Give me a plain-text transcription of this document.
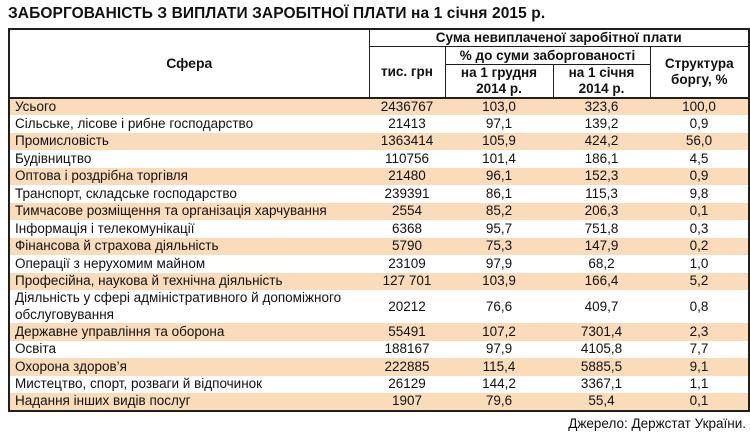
ЗАБОРГОВАНІСТЬ З ВИПЛАТИ ЗАРОБІТНОЇ ПЛАТИ на 1 січня 2015 р.
Сфера	Сума невиплаченої заробітної плати			
	тис. грн	% до суми заборгованості		Структура боргу, %
		на 1 грудня 2014 р.	на 1 січня 2014 р.	
Усього	2436767	103,0	323,6	100,0
Сільське, лісове і рибне господарство	21413	97,1	139,2	0,9
Промисловість	1363414	105,9	424,2	56,0
Будівництво	110756	101,4	186,1	4,5
Оптова і роздрібна торгівля	21480	96,1	152,3	0,9
Транспорт, складське господарство	239391	86,1	115,3	9,8
Тимчасове розміщення та організація харчування	2554	85,2	206,3	0,1
Інформація і телекомунікації	6368	95,7	751,8	0,3
Фінансова й страхова діяльність	5790	75,3	147,9	0,2
Операції з нерухомим майном	23109	97,9	68,2	1,0
Професійна, наукова й технічна діяльність	127 701	103,9	166,4	5,2
Діяльність у сфері адміністративного й допоміжного обслуговування	20212	76,6	409,7	0,8
Державне управління та оборона	55491	107,2	7301,4	2,3
Освіта	188167	97,9	4105,8	7,7
Охорона здоров’я	222885	115,4	5885,5	9,1
Мистецтво, спорт, розваги й відпочинок	26129	144,2	3367,1	1,1
Надання інших видів послуг	1907	79,6	55,4	0,1
Джерело: Держстат України.
